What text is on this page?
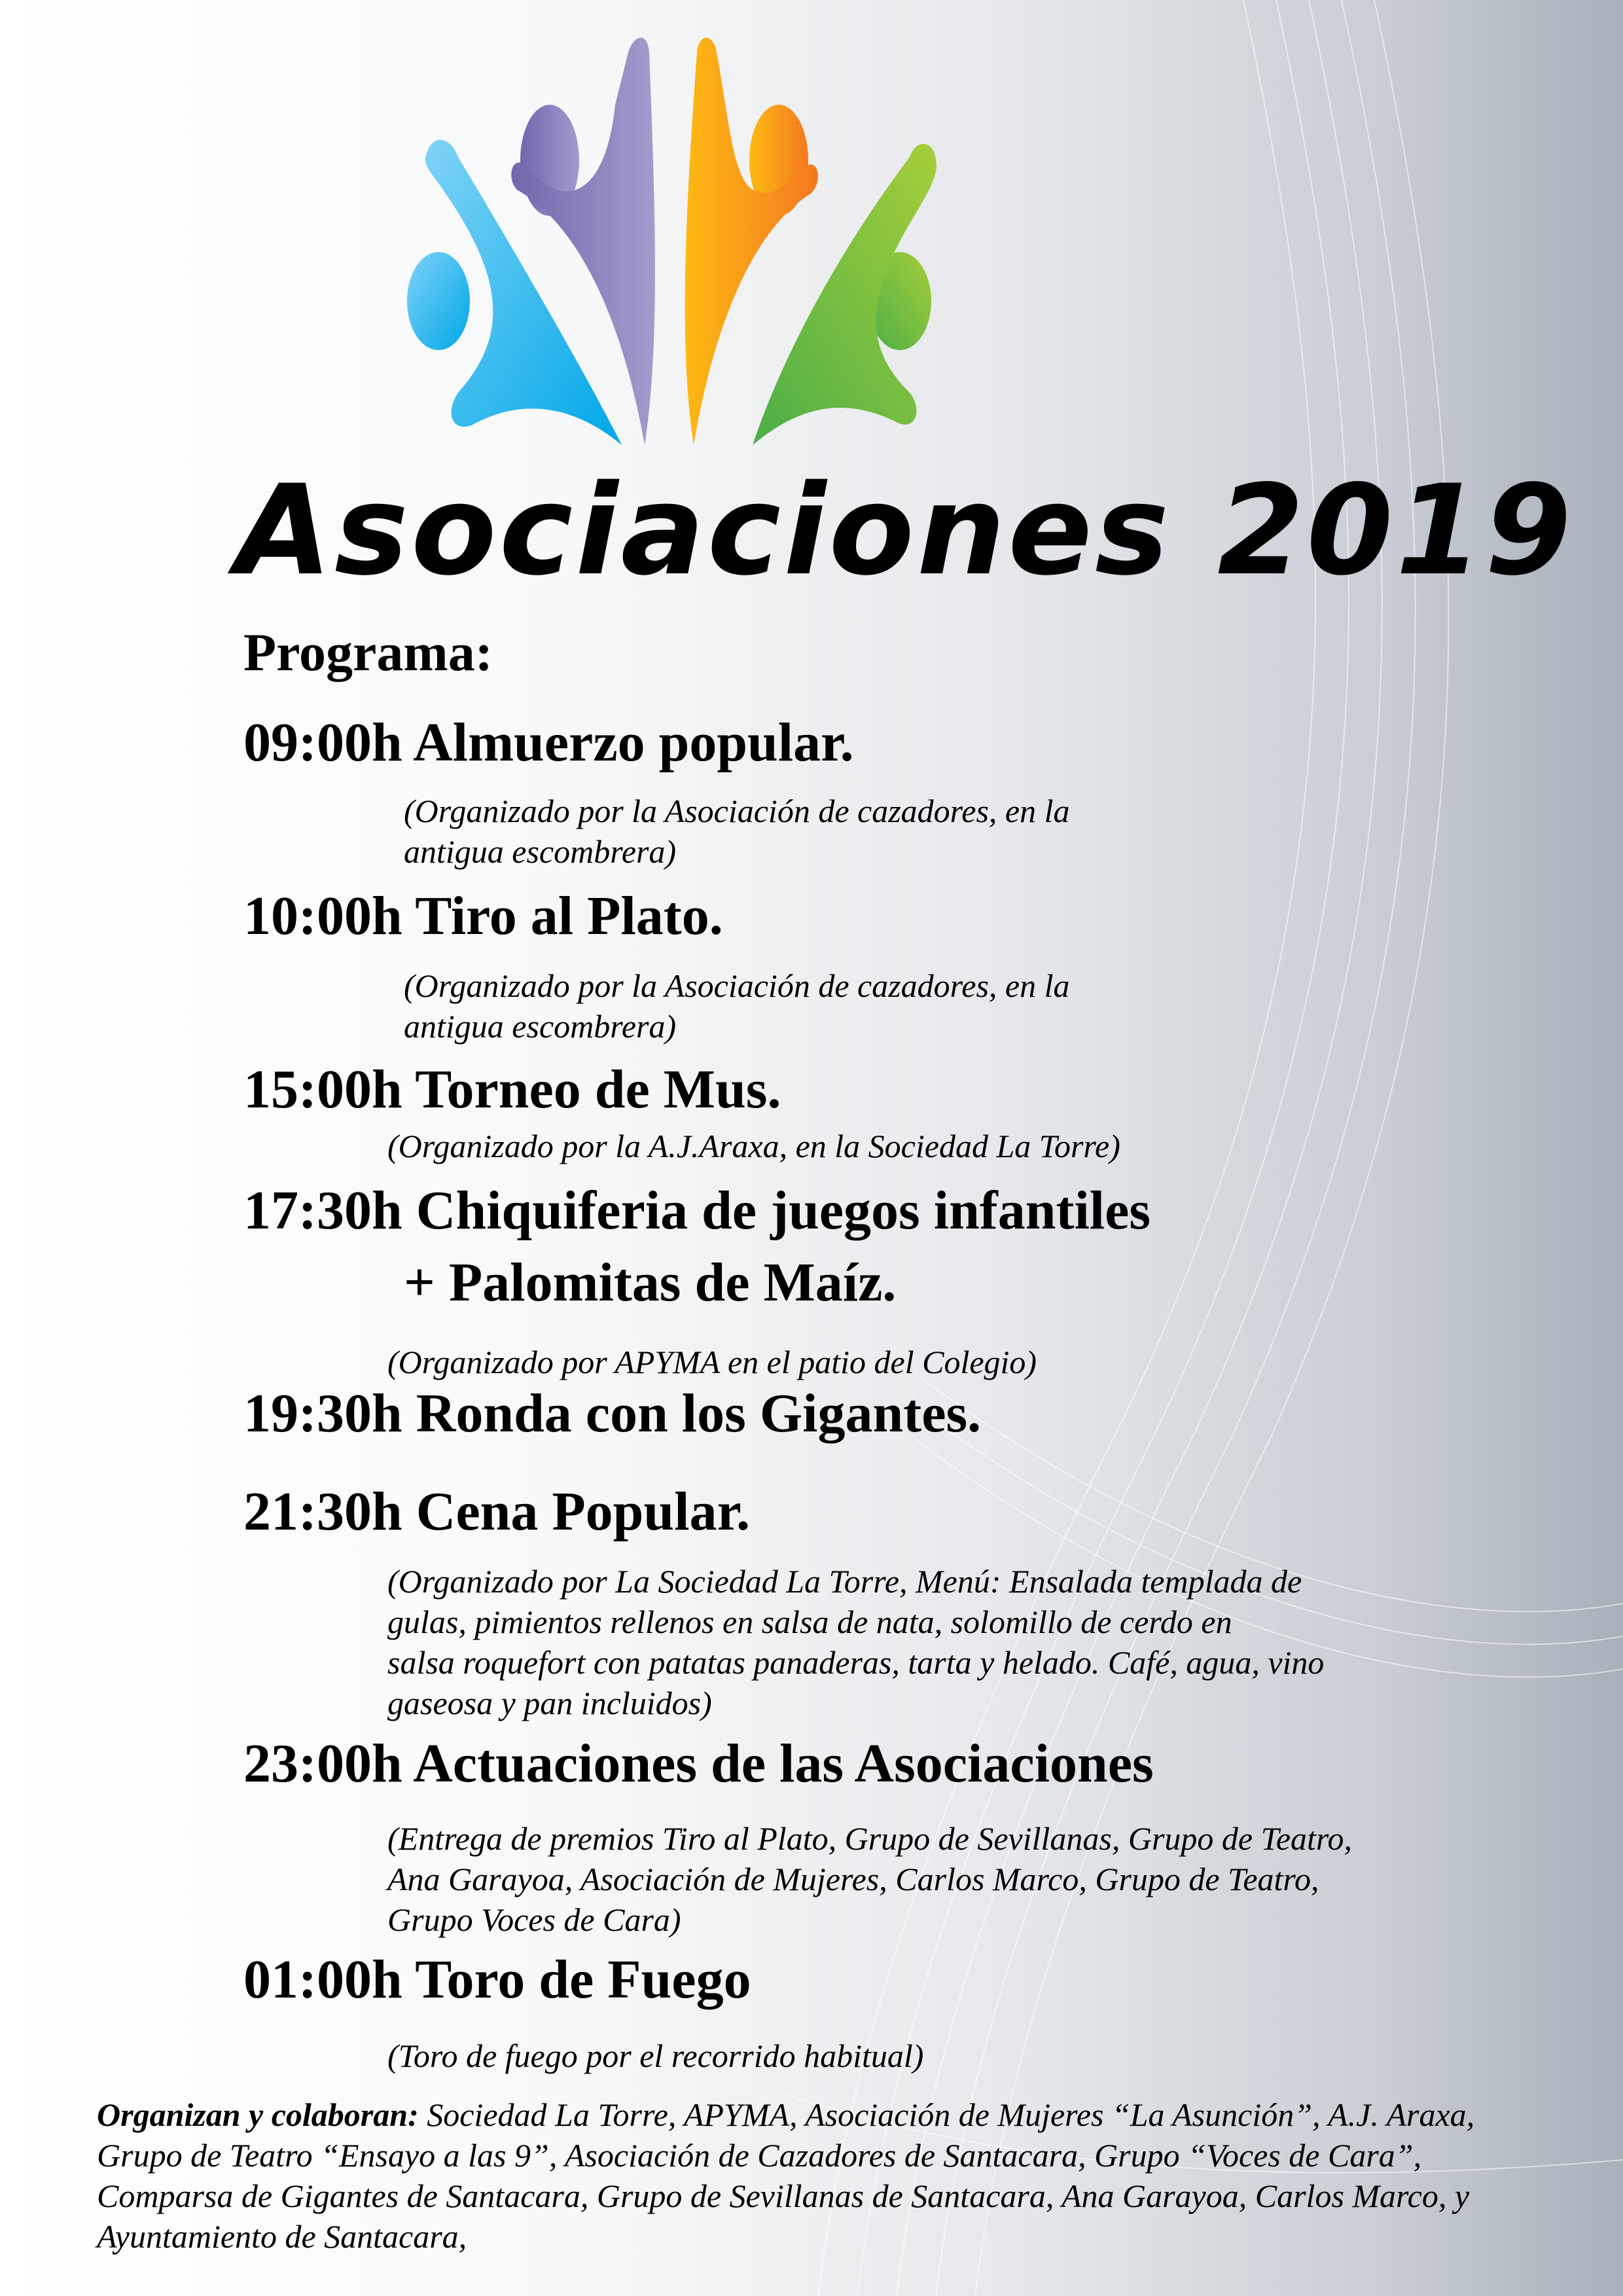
Asociaciones 2019
Programa:
09:00h Almuerzo popular.
(Organizado por la Asociación de cazadores, en la
antigua escombrera)
10:00h Tiro al Plato.
(Organizado por la Asociación de cazadores, en la
antigua escombrera)
15:00h Torneo de Mus.
(Organizado por la A.J.Araxa, en la Sociedad La Torre)
17:30h Chiquiferia de juegos infantiles
+ Palomitas de Maíz.
(Organizado por APYMA en el patio del Colegio)
19:30h Ronda con los Gigantes.
21:30h Cena Popular.
(Organizado por La Sociedad La Torre, Menú: Ensalada templada de
gulas, pimientos rellenos en salsa de nata, solomillo de cerdo en
salsa roquefort con patatas panaderas, tarta y helado. Café, agua, vino
gaseosa y pan incluidos)
23:00h Actuaciones de las Asociaciones
(Entrega de premios Tiro al Plato, Grupo de Sevillanas, Grupo de Teatro,
Ana Garayoa, Asociación de Mujeres, Carlos Marco, Grupo de Teatro,
Grupo Voces de Cara)
01:00h Toro de Fuego
(Toro de fuego por el recorrido habitual)
Organizan y colaboran: Sociedad La Torre, APYMA, Asociación de Mujeres “La Asunción”, A.J. Araxa, Grupo de Teatro “Ensayo a las 9”, Asociación de Cazadores de Santacara, Grupo “Voces de Cara”, Comparsa de Gigantes de Santacara, Grupo de Sevillanas de Santacara, Ana Garayoa, Carlos Marco, y Ayuntamiento de Santacara,
